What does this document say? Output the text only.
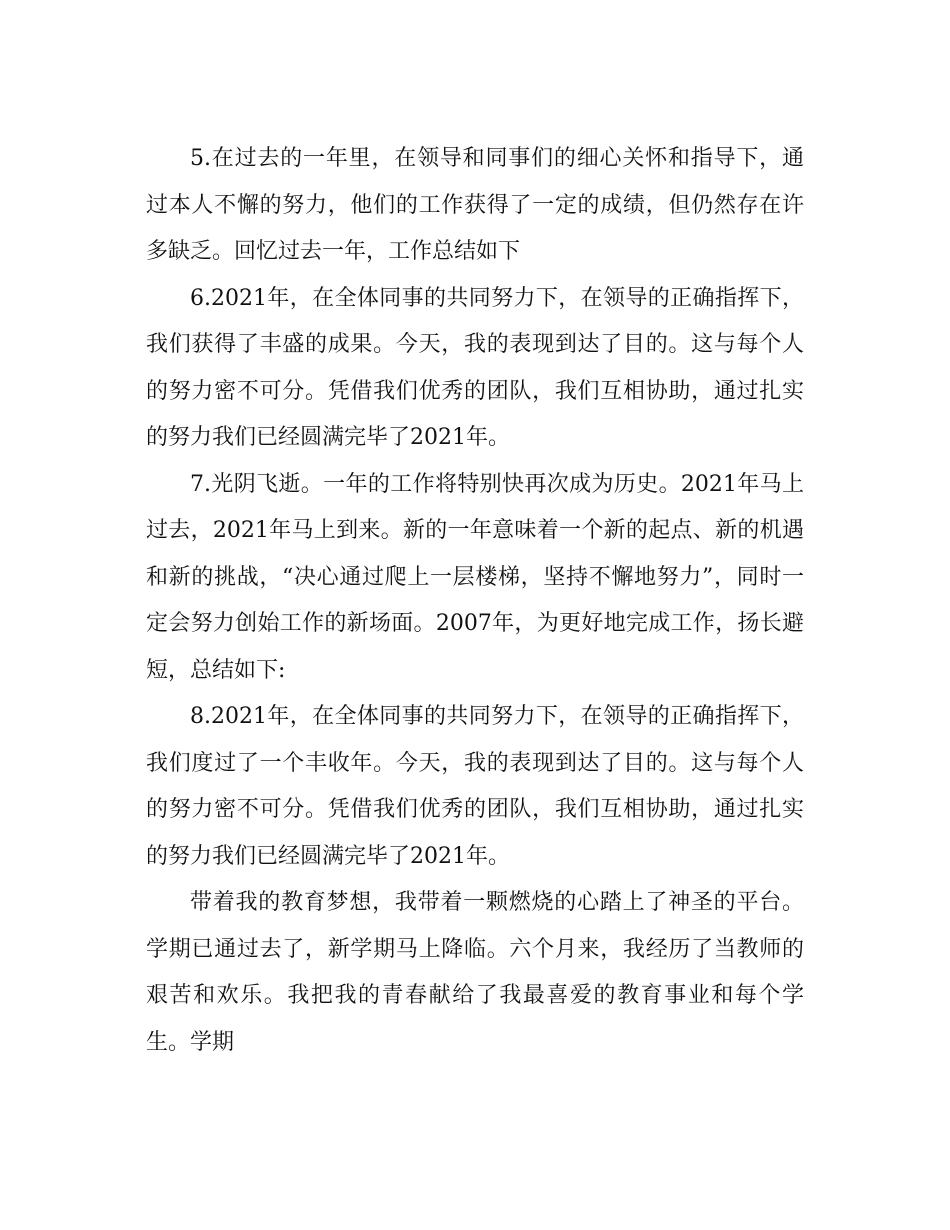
5.在过去的一年里，在领导和同事们的细心关怀和指导下，通过本人不懈的努力，他们的工作获得了一定的成绩，但仍然存在许多缺乏。回忆过去一年，工作总结如下

6.2021年，在全体同事的共同努力下，在领导的正确指挥下，我们获得了丰盛的成果。今天，我的表现到达了目的。这与每个人的努力密不可分。凭借我们优秀的团队，我们互相协助，通过扎实的努力我们已经圆满完毕了2021年。

7.光阴飞逝。一年的工作将特别快再次成为历史。2021年马上过去，2021年马上到来。新的一年意味着一个新的起点、新的机遇和新的挑战，“决心通过爬上一层楼梯，坚持不懈地努力”，同时一定会努力创始工作的新场面。2007年，为更好地完成工作，扬长避短，总结如下:

8.2021年，在全体同事的共同努力下，在领导的正确指挥下，我们度过了一个丰收年。今天，我的表现到达了目的。这与每个人的努力密不可分。凭借我们优秀的团队，我们互相协助，通过扎实的努力我们已经圆满完毕了2021年。

带着我的教育梦想，我带着一颗燃烧的心踏上了神圣的平台。学期已通过去了，新学期马上降临。六个月来，我经历了当教师的艰苦和欢乐。我把我的青春献给了我最喜爱的教育事业和每个学生。学期
